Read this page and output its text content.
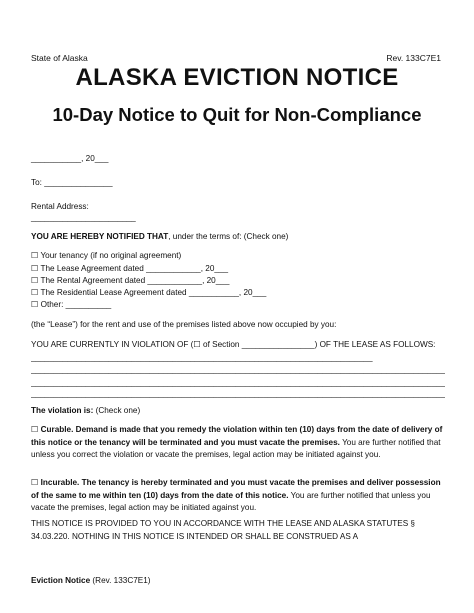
State of Alaska	Rev. 133C7E1
ALASKA EVICTION NOTICE
10-Day Notice to Quit for Non-Compliance
___________, 20___
To: _______________
Rental Address:
_______________________
YOU ARE HEREBY NOTIFIED THAT, under the terms of: (Check one)
☐ Your tenancy (if no original agreement)
☐ The Lease Agreement dated ____________, 20___
☐ The Rental Agreement dated ____________, 20___
☐ The Residential Lease Agreement dated ___________, 20___
☐ Other: __________
(the “Lease”) for the rent and use of the premises listed above now occupied by you:
YOU ARE CURRENTLY IN VIOLATION OF (☐ of Section ________________) OF THE LEASE AS FOLLOWS: ___________________________________________________________________________
___________________________________________________________________________________________
___________________________________________________________________________________________
___________________________________________________________________________________________
The violation is: (Check one)
☐ Curable. Demand is made that you remedy the violation within ten (10) days from the date of delivery of this notice or the tenancy will be terminated and you must vacate the premises. You are further notified that unless you correct the violation or vacate the premises, legal action may be initiated against you.
☐ Incurable. The tenancy is hereby terminated and you must vacate the premises and deliver possession of the same to me within ten (10) days from the date of this notice. You are further notified that unless you vacate the premises, legal action may be initiated against you.
THIS NOTICE IS PROVIDED TO YOU IN ACCORDANCE WITH THE LEASE AND ALASKA STATUTES § 34.03.220. NOTHING IN THIS NOTICE IS INTENDED OR SHALL BE CONSTRUED AS A
Eviction Notice (Rev. 133C7E1)
